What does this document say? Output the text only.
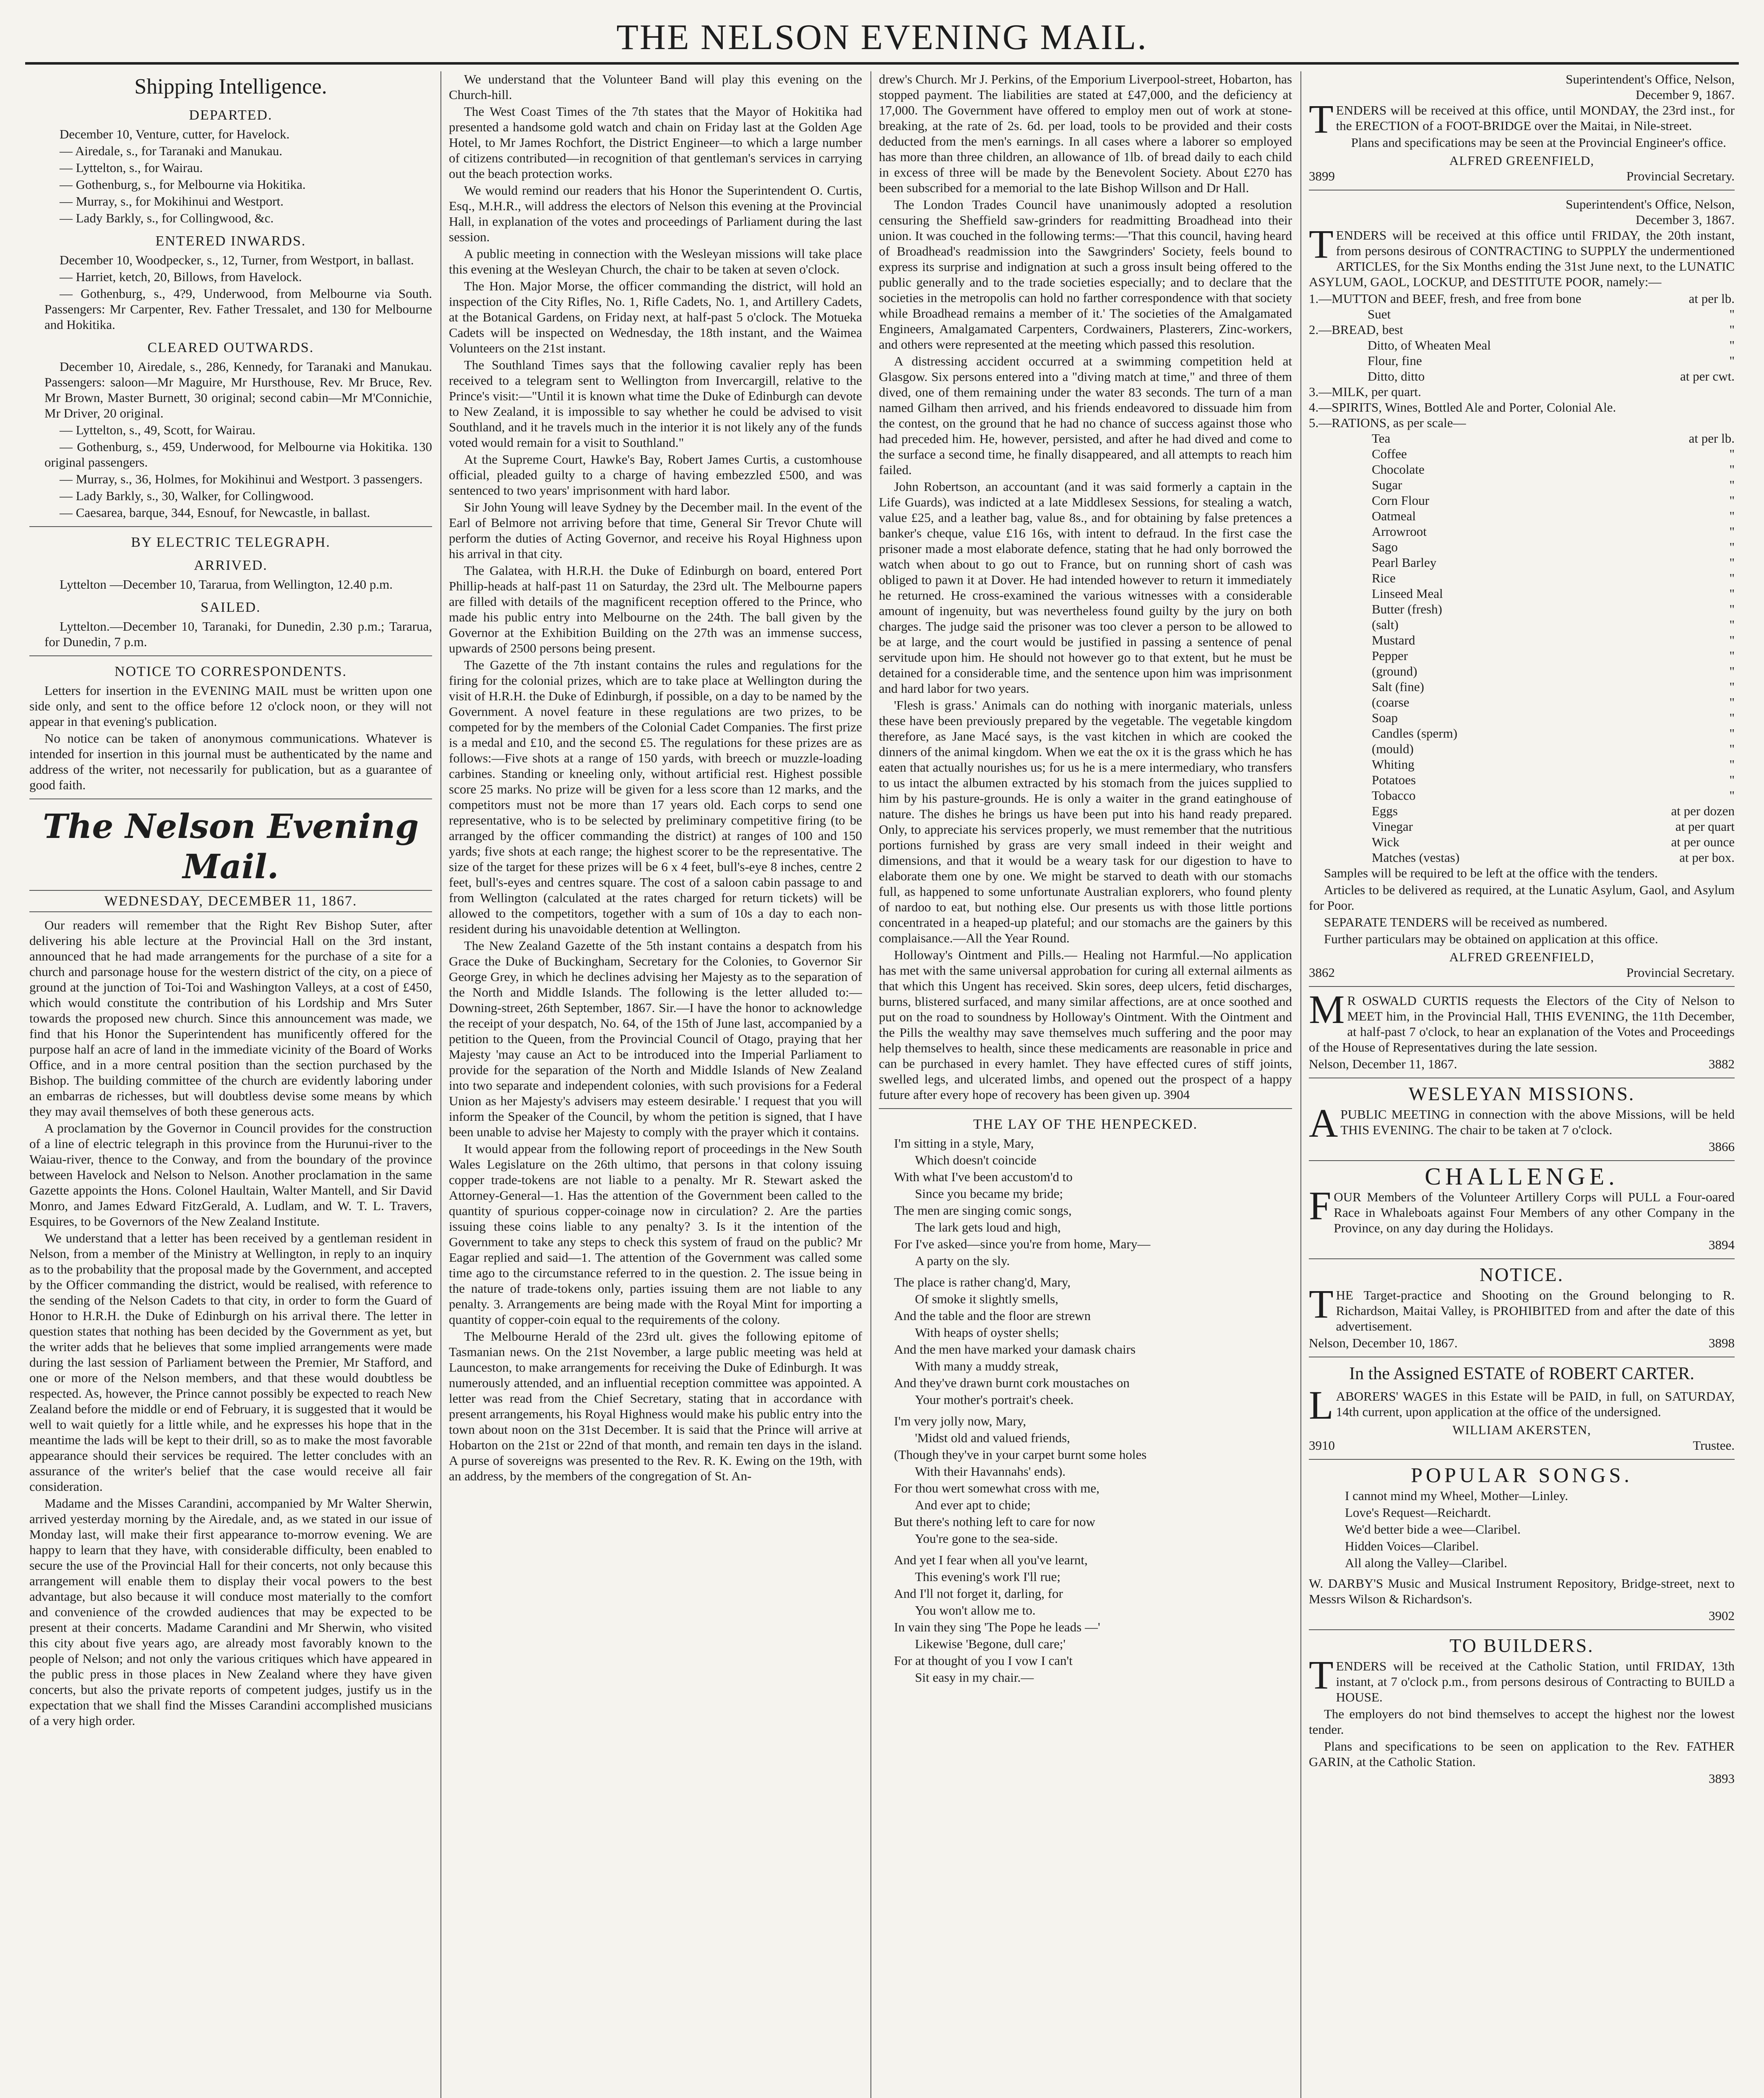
THE NELSON EVENING MAIL.
Shipping Intelligence.
DEPARTED.

December 10, Venture, cutter, for Havelock.

— Airedale, s., for Taranaki and Manukau.

— Lyttelton, s., for Wairau.

— Gothenburg, s., for Melbourne via Hokitika.

— Murray, s., for Mokihinui and Westport.

— Lady Barkly, s., for Collingwood, &c.

ENTERED INWARDS.

December 10, Woodpecker, s., 12, Turner, from Westport, in ballast.

— Harriet, ketch, 20, Billows, from Havelock.

— Gothenburg, s., 4?9, Underwood, from Melbourne via South. Passengers: Mr Carpenter, Rev. Father Tressalet, and 130 for Melbourne and Hokitika.

CLEARED OUTWARDS.

December 10, Airedale, s., 286, Kennedy, for Taranaki and Manukau. Passengers: saloon—Mr Maguire, Mr Hursthouse, Rev. Mr Bruce, Rev. Mr Brown, Master Burnett, 30 original; second cabin—Mr M'Connichie, Mr Driver, 20 original.

— Lyttelton, s., 49, Scott, for Wairau.

— Gothenburg, s., 459, Underwood, for Melbourne via Hokitika. 130 original passengers.

— Murray, s., 36, Holmes, for Mokihinui and Westport. 3 passengers.

— Lady Barkly, s., 30, Walker, for Collingwood.

— Caesarea, barque, 344, Esnouf, for Newcastle, in ballast.

BY ELECTRIC TELEGRAPH.
ARRIVED.

Lyttelton —December 10, Tararua, from Wellington, 12.40 p.m.

SAILED.

Lyttelton.—December 10, Taranaki, for Dunedin, 2.30 p.m.; Tararua, for Dunedin, 7 p.m.

NOTICE TO CORRESPONDENTS.

Letters for insertion in the EVENING MAIL must be written upon one side only, and sent to the office before 12 o'clock noon, or they will not appear in that evening's publication.

No notice can be taken of anonymous communications. Whatever is intended for insertion in this journal must be authenticated by the name and address of the writer, not necessarily for publication, but as a guarantee of good faith.

The Nelson Evening Mail.
WEDNESDAY, DECEMBER 11, 1867.

Our readers will remember that the Right Rev Bishop Suter, after delivering his able lecture at the Provincial Hall on the 3rd instant, announced that he had made arrangements for the purchase of a site for a church and parsonage house for the western district of the city, on a piece of ground at the junction of Toi-Toi and Washington Valleys, at a cost of £450, which would constitute the contribution of his Lordship and Mrs Suter towards the proposed new church. Since this announcement was made, we find that his Honor the Superintendent has munificently offered for the purpose half an acre of land in the immediate vicinity of the Board of Works Office, and in a more central position than the section purchased by the Bishop. The building committee of the church are evidently laboring under an embarras de richesses, but will doubtless devise some means by which they may avail themselves of both these generous acts.

A proclamation by the Governor in Council provides for the construction of a line of electric telegraph in this province from the Hurunui-river to the Waiau-river, thence to the Conway, and from the boundary of the province between Havelock and Nelson to Nelson. Another proclamation in the same Gazette appoints the Hons. Colonel Haultain, Walter Mantell, and Sir David Monro, and James Edward FitzGerald, A. Ludlam, and W. T. L. Travers, Esquires, to be Governors of the New Zealand Institute.

We understand that a letter has been received by a gentleman resident in Nelson, from a member of the Ministry at Wellington, in reply to an inquiry as to the probability that the proposal made by the Government, and accepted by the Officer commanding the district, would be realised, with reference to the sending of the Nelson Cadets to that city, in order to form the Guard of Honor to H.R.H. the Duke of Edinburgh on his arrival there. The letter in question states that nothing has been decided by the Government as yet, but the writer adds that he believes that some implied arrangements were made during the last session of Parliament between the Premier, Mr Stafford, and one or more of the Nelson members, and that these would doubtless be respected. As, however, the Prince cannot possibly be expected to reach New Zealand before the middle or end of February, it is suggested that it would be well to wait quietly for a little while, and he expresses his hope that in the meantime the lads will be kept to their drill, so as to make the most favorable appearance should their services be required. The letter concludes with an assurance of the writer's belief that the case would receive all fair consideration.

Madame and the Misses Carandini, accompanied by Mr Walter Sherwin, arrived yesterday morning by the Airedale, and, as we stated in our issue of Monday last, will make their first appearance to-morrow evening. We are happy to learn that they have, with considerable difficulty, been enabled to secure the use of the Provincial Hall for their concerts, not only because this arrangement will enable them to display their vocal powers to the best advantage, but also because it will conduce most materially to the comfort and convenience of the crowded audiences that may be expected to be present at their concerts. Madame Carandini and Mr Sherwin, who visited this city about five years ago, are already most favorably known to the people of Nelson; and not only the various critiques which have appeared in the public press in those places in New Zealand where they have given concerts, but also the private reports of competent judges, justify us in the expectation that we shall find the Misses Carandini accomplished musicians of a very high order.

We understand that the Volunteer Band will play this evening on the Church-hill.

The West Coast Times of the 7th states that the Mayor of Hokitika had presented a handsome gold watch and chain on Friday last at the Golden Age Hotel, to Mr James Rochfort, the District Engineer—to which a large number of citizens contributed—in recognition of that gentleman's services in carrying out the beach protection works.

We would remind our readers that his Honor the Superintendent O. Curtis, Esq., M.H.R., will address the electors of Nelson this evening at the Provincial Hall, in explanation of the votes and proceedings of Parliament during the last session.

A public meeting in connection with the Wesleyan missions will take place this evening at the Wesleyan Church, the chair to be taken at seven o'clock.

The Hon. Major Morse, the officer commanding the district, will hold an inspection of the City Rifles, No. 1, Rifle Cadets, No. 1, and Artillery Cadets, at the Botanical Gardens, on Friday next, at half-past 5 o'clock. The Motueka Cadets will be inspected on Wednesday, the 18th instant, and the Waimea Volunteers on the 21st instant.

The Southland Times says that the following cavalier reply has been received to a telegram sent to Wellington from Invercargill, relative to the Prince's visit:—"Until it is known what time the Duke of Edinburgh can devote to New Zealand, it is impossible to say whether he could be advised to visit Southland, and it he travels much in the interior it is not likely any of the funds voted would remain for a visit to Southland."

At the Supreme Court, Hawke's Bay, Robert James Curtis, a customhouse official, pleaded guilty to a charge of having embezzled £500, and was sentenced to two years' imprisonment with hard labor.

Sir John Young will leave Sydney by the December mail. In the event of the Earl of Belmore not arriving before that time, General Sir Trevor Chute will perform the duties of Acting Governor, and receive his Royal Highness upon his arrival in that city.

The Galatea, with H.R.H. the Duke of Edinburgh on board, entered Port Phillip-heads at half-past 11 on Saturday, the 23rd ult. The Melbourne papers are filled with details of the magnificent reception offered to the Prince, who made his public entry into Melbourne on the 24th. The ball given by the Governor at the Exhibition Building on the 27th was an immense success, upwards of 2500 persons being present.

The Gazette of the 7th instant contains the rules and regulations for the firing for the colonial prizes, which are to take place at Wellington during the visit of H.R.H. the Duke of Edinburgh, if possible, on a day to be named by the Government. A novel feature in these regulations are two prizes, to be competed for by the members of the Colonial Cadet Companies. The first prize is a medal and £10, and the second £5. The regulations for these prizes are as follows:—Five shots at a range of 150 yards, with breech or muzzle-loading carbines. Standing or kneeling only, without artificial rest. Highest possible score 25 marks. No prize will be given for a less score than 12 marks, and the competitors must not be more than 17 years old. Each corps to send one representative, who is to be selected by preliminary competitive firing (to be arranged by the officer commanding the district) at ranges of 100 and 150 yards; five shots at each range; the highest scorer to be the representative. The size of the target for these prizes will be 6 x 4 feet, bull's-eye 8 inches, centre 2 feet, bull's-eyes and centres square. The cost of a saloon cabin passage to and from Wellington (calculated at the rates charged for return tickets) will be allowed to the competitors, together with a sum of 10s a day to each non-resident during his unavoidable detention at Wellington.

The New Zealand Gazette of the 5th instant contains a despatch from his Grace the Duke of Buckingham, Secretary for the Colonies, to Governor Sir George Grey, in which he declines advising her Majesty as to the separation of the North and Middle Islands. The following is the letter alluded to:—Downing-street, 26th September, 1867. Sir.—I have the honor to acknowledge the receipt of your despatch, No. 64, of the 15th of June last, accompanied by a petition to the Queen, from the Provincial Council of Otago, praying that her Majesty 'may cause an Act to be introduced into the Imperial Parliament to provide for the separation of the North and Middle Islands of New Zealand into two separate and independent colonies, with such provisions for a Federal Union as her Majesty's advisers may esteem desirable.' I request that you will inform the Speaker of the Council, by whom the petition is signed, that I have been unable to advise her Majesty to comply with the prayer which it contains.

It would appear from the following report of proceedings in the New South Wales Legislature on the 26th ultimo, that persons in that colony issuing copper trade-tokens are not liable to a penalty. Mr R. Stewart asked the Attorney-General—1. Has the attention of the Government been called to the quantity of spurious copper-coinage now in circulation? 2. Are the parties issuing these coins liable to any penalty? 3. Is it the intention of the Government to take any steps to check this system of fraud on the public? Mr Eagar replied and said—1. The attention of the Government was called some time ago to the circumstance referred to in the question. 2. The issue being in the nature of trade-tokens only, parties issuing them are not liable to any penalty. 3. Arrangements are being made with the Royal Mint for importing a quantity of copper-coin equal to the requirements of the colony.

The Melbourne Herald of the 23rd ult. gives the following epitome of Tasmanian news. On the 21st November, a large public meeting was held at Launceston, to make arrangements for receiving the Duke of Edinburgh. It was numerously attended, and an influential reception committee was appointed. A letter was read from the Chief Secretary, stating that in accordance with present arrangements, his Royal Highness would make his public entry into the town about noon on the 31st December. It is said that the Prince will arrive at Hobarton on the 21st or 22nd of that month, and remain ten days in the island. A purse of sovereigns was presented to the Rev. R. K. Ewing on the 19th, with an address, by the members of the congregation of St. An-

drew's Church. Mr J. Perkins, of the Emporium Liverpool-street, Hobarton, has stopped payment. The liabilities are stated at £47,000, and the deficiency at 17,000. The Government have offered to employ men out of work at stone-breaking, at the rate of 2s. 6d. per load, tools to be provided and their costs deducted from the men's earnings. In all cases where a laborer so employed has more than three children, an allowance of 1lb. of bread daily to each child in excess of three will be made by the Benevolent Society. About £270 has been subscribed for a memorial to the late Bishop Willson and Dr Hall.

The London Trades Council have unanimously adopted a resolution censuring the Sheffield saw-grinders for readmitting Broadhead into their union. It was couched in the following terms:—'That this council, having heard of Broadhead's readmission into the Sawgrinders' Society, feels bound to express its surprise and indignation at such a gross insult being offered to the public generally and to the trade societies especially; and to declare that the societies in the metropolis can hold no farther correspondence with that society while Broadhead remains a member of it.' The societies of the Amalgamated Engineers, Amalgamated Carpenters, Cordwainers, Plasterers, Zinc-workers, and others were represented at the meeting which passed this resolution.

A distressing accident occurred at a swimming competition held at Glasgow. Six persons entered into a "diving match at time," and three of them dived, one of them remaining under the water 83 seconds. The turn of a man named Gilham then arrived, and his friends endeavored to dissuade him from the contest, on the ground that he had no chance of success against those who had preceded him. He, however, persisted, and after he had dived and come to the surface a second time, he finally disappeared, and all attempts to reach him failed.

John Robertson, an accountant (and it was said formerly a captain in the Life Guards), was indicted at a late Middlesex Sessions, for stealing a watch, value £25, and a leather bag, value 8s., and for obtaining by false pretences a banker's cheque, value £16 16s, with intent to defraud. In the first case the prisoner made a most elaborate defence, stating that he had only borrowed the watch when about to go out to France, but on running short of cash was obliged to pawn it at Dover. He had intended however to return it immediately he returned. He cross-examined the various witnesses with a considerable amount of ingenuity, but was nevertheless found guilty by the jury on both charges. The judge said the prisoner was too clever a person to be allowed to be at large, and the court would be justified in passing a sentence of penal servitude upon him. He should not however go to that extent, but he must be detained for a considerable time, and the sentence upon him was imprisonment and hard labor for two years.

'Flesh is grass.' Animals can do nothing with inorganic materials, unless these have been previously prepared by the vegetable. The vegetable kingdom therefore, as Jane Macé says, is the vast kitchen in which are cooked the dinners of the animal kingdom. When we eat the ox it is the grass which he has eaten that actually nourishes us; for us he is a mere intermediary, who transfers to us intact the albumen extracted by his stomach from the juices supplied to him by his pasture-grounds. He is only a waiter in the grand eatinghouse of nature. The dishes he brings us have been put into his hand ready prepared. Only, to appreciate his services properly, we must remember that the nutritious portions furnished by grass are very small indeed in their weight and dimensions, and that it would be a weary task for our digestion to have to elaborate them one by one. We might be starved to death with our stomachs full, as happened to some unfortunate Australian explorers, who found plenty of nardoo to eat, but nothing else. Our presents us with those little portions concentrated in a heaped-up plateful; and our stomachs are the gainers by this complaisance.—All the Year Round.

Holloway's Ointment and Pills.— Healing not Harmful.—No application has met with the same universal approbation for curing all external ailments as that which this Ungent has received. Skin sores, deep ulcers, fetid discharges, burns, blistered surfaced, and many similar affections, are at once soothed and put on the road to soundness by Holloway's Ointment. With the Ointment and the Pills the wealthy may save themselves much suffering and the poor may help themselves to health, since these medicaments are reasonable in price and can be purchased in every hamlet. They have effected cures of stiff joints, swelled legs, and ulcerated limbs, and opened out the prospect of a happy future after every hope of recovery has been given up. 3904

THE LAY OF THE HENPECKED.

I'm sitting in a style, Mary,

Which doesn't coincide

With what I've been accustom'd to

Since you became my bride;

The men are singing comic songs,

The lark gets loud and high,

For I've asked—since you're from home, Mary—

A party on the sly.

The place is rather chang'd, Mary,

Of smoke it slightly smells,

And the table and the floor are strewn

With heaps of oyster shells;

And the men have marked your damask chairs

With many a muddy streak,

And they've drawn burnt cork moustaches on

Your mother's portrait's cheek.

I'm very jolly now, Mary,

'Midst old and valued friends,

(Though they've in your carpet burnt some holes

With their Havannahs' ends).

For thou wert somewhat cross with me,

And ever apt to chide;

But there's nothing left to care for now

You're gone to the sea-side.

And yet I fear when all you've learnt,

This evening's work I'll rue;

And I'll not forget it, darling, for

You won't allow me to.

In vain they sing 'The Pope he leads —'

Likewise 'Begone, dull care;'

For at thought of you I vow I can't

Sit easy in my chair.—

Superintendent's Office, Nelson,
December 9, 1867.

TENDERS will be received at this office, until MONDAY, the 23rd inst., for the ERECTION of a FOOT-BRIDGE over the Maitai, in Nile-street.

Plans and specifications may be seen at the Provincial Engineer's office.

ALFRED GREENFIELD,
3899	Provincial Secretary.
Superintendent's Office, Nelson,
December 3, 1867.

TENDERS will be received at this office until FRIDAY, the 20th instant, from persons desirous of CONTRACTING to SUPPLY the undermentioned ARTICLES, for the Six Months ending the 31st June next, to the LUNATIC ASYLUM, GAOL, LOCKUP, and DESTITUTE POOR, namely:—

1.—MUTTON and BEEF, fresh, and free from bone	at per lb.
Suet	"
2.—BREAD, best	"
Ditto, of Wheaten Meal	"
Flour, fine	"
Ditto, ditto	at per cwt.
3.—MILK, per quart.
4.—SPIRITS, Wines, Bottled Ale and Porter, Colonial Ale.
5.—RATIONS, as per scale—
Tea	at per lb.
Coffee	"
Chocolate	"
Sugar	"
Corn Flour	"
Oatmeal	"
Arrowroot	"
Sago	"
Pearl Barley	"
Rice	"
Linseed Meal	"
Butter (fresh)	"
(salt)	"
Mustard	"
Pepper	"
(ground)	"
Salt (fine)	"
(coarse	"
Soap	"
Candles (sperm)	"
(mould)	"
Whiting	"
Potatoes	"
Tobacco	"
Eggs	at per dozen
Vinegar	at per quart
Wick	at per ounce
Matches (vestas)	at per box.

Samples will be required to be left at the office with the tenders.

Articles to be delivered as required, at the Lunatic Asylum, Gaol, and Asylum for Poor.

SEPARATE TENDERS will be received as numbered.

Further particulars may be obtained on application at this office.

ALFRED GREENFIELD,
3862	Provincial Secretary.

MR OSWALD CURTIS requests the Electors of the City of Nelson to MEET him, in the Provincial Hall, THIS EVENING, the 11th December, at half-past 7 o'clock, to hear an explanation of the Votes and Proceedings of the House of Representatives during the late session.

Nelson, December 11, 1867.	3882
WESLEYAN MISSIONS.

APUBLIC MEETING in connection with the above Missions, will be held THIS EVENING. The chair to be taken at 7 o'clock.

3866
CHALLENGE.

FOUR Members of the Volunteer Artillery Corps will PULL a Four-oared Race in Whaleboats against Four Members of any other Company in the Province, on any day during the Holidays.

3894
NOTICE.

THE Target-practice and Shooting on the Ground belonging to R. Richardson, Maitai Valley, is PROHIBITED from and after the date of this advertisement.

Nelson, December 10, 1867.	3898
In the Assigned ESTATE of ROBERT CARTER.

LABORERS' WAGES in this Estate will be PAID, in full, on SATURDAY, 14th current, upon application at the office of the undersigned.

WILLIAM AKERSTEN,
3910	Trustee.
POPULAR SONGS.

I cannot mind my Wheel, Mother—Linley.

Love's Request—Reichardt.

We'd better bide a wee—Claribel.

Hidden Voices—Claribel.

All along the Valley—Claribel.

W. DARBY'S Music and Musical Instrument Repository, Bridge-street, next to Messrs Wilson & Richardson's.

3902
TO BUILDERS.

TENDERS will be received at the Catholic Station, until FRIDAY, 13th instant, at 7 o'clock p.m., from persons desirous of Contracting to BUILD a HOUSE.

The employers do not bind themselves to accept the highest nor the lowest tender.

Plans and specifications to be seen on application to the Rev. FATHER GARIN, at the Catholic Station.

3893
